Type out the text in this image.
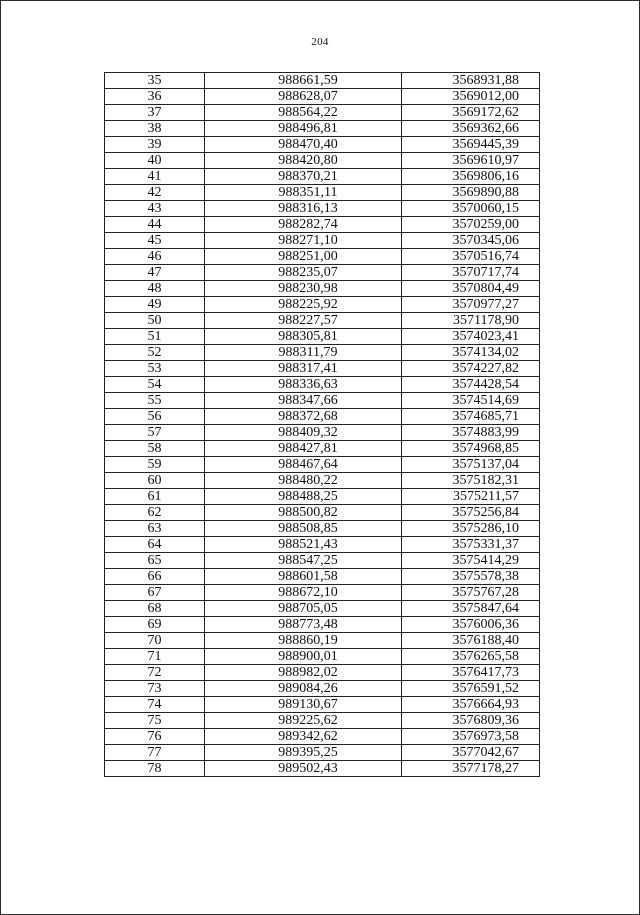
204
35	988661,59	3568931,88
36	988628,07	3569012,00
37	988564,22	3569172,62
38	988496,81	3569362,66
39	988470,40	3569445,39
40	988420,80	3569610,97
41	988370,21	3569806,16
42	988351,11	3569890,88
43	988316,13	3570060,15
44	988282,74	3570259,00
45	988271,10	3570345,06
46	988251,00	3570516,74
47	988235,07	3570717,74
48	988230,98	3570804,49
49	988225,92	3570977,27
50	988227,57	3571178,90
51	988305,81	3574023,41
52	988311,79	3574134,02
53	988317,41	3574227,82
54	988336,63	3574428,54
55	988347,66	3574514,69
56	988372,68	3574685,71
57	988409,32	3574883,99
58	988427,81	3574968,85
59	988467,64	3575137,04
60	988480,22	3575182,31
61	988488,25	3575211,57
62	988500,82	3575256,84
63	988508,85	3575286,10
64	988521,43	3575331,37
65	988547,25	3575414,29
66	988601,58	3575578,38
67	988672,10	3575767,28
68	988705,05	3575847,64
69	988773,48	3576006,36
70	988860,19	3576188,40
71	988900,01	3576265,58
72	988982,02	3576417,73
73	989084,26	3576591,52
74	989130,67	3576664,93
75	989225,62	3576809,36
76	989342,62	3576973,58
77	989395,25	3577042,67
78	989502,43	3577178,27
